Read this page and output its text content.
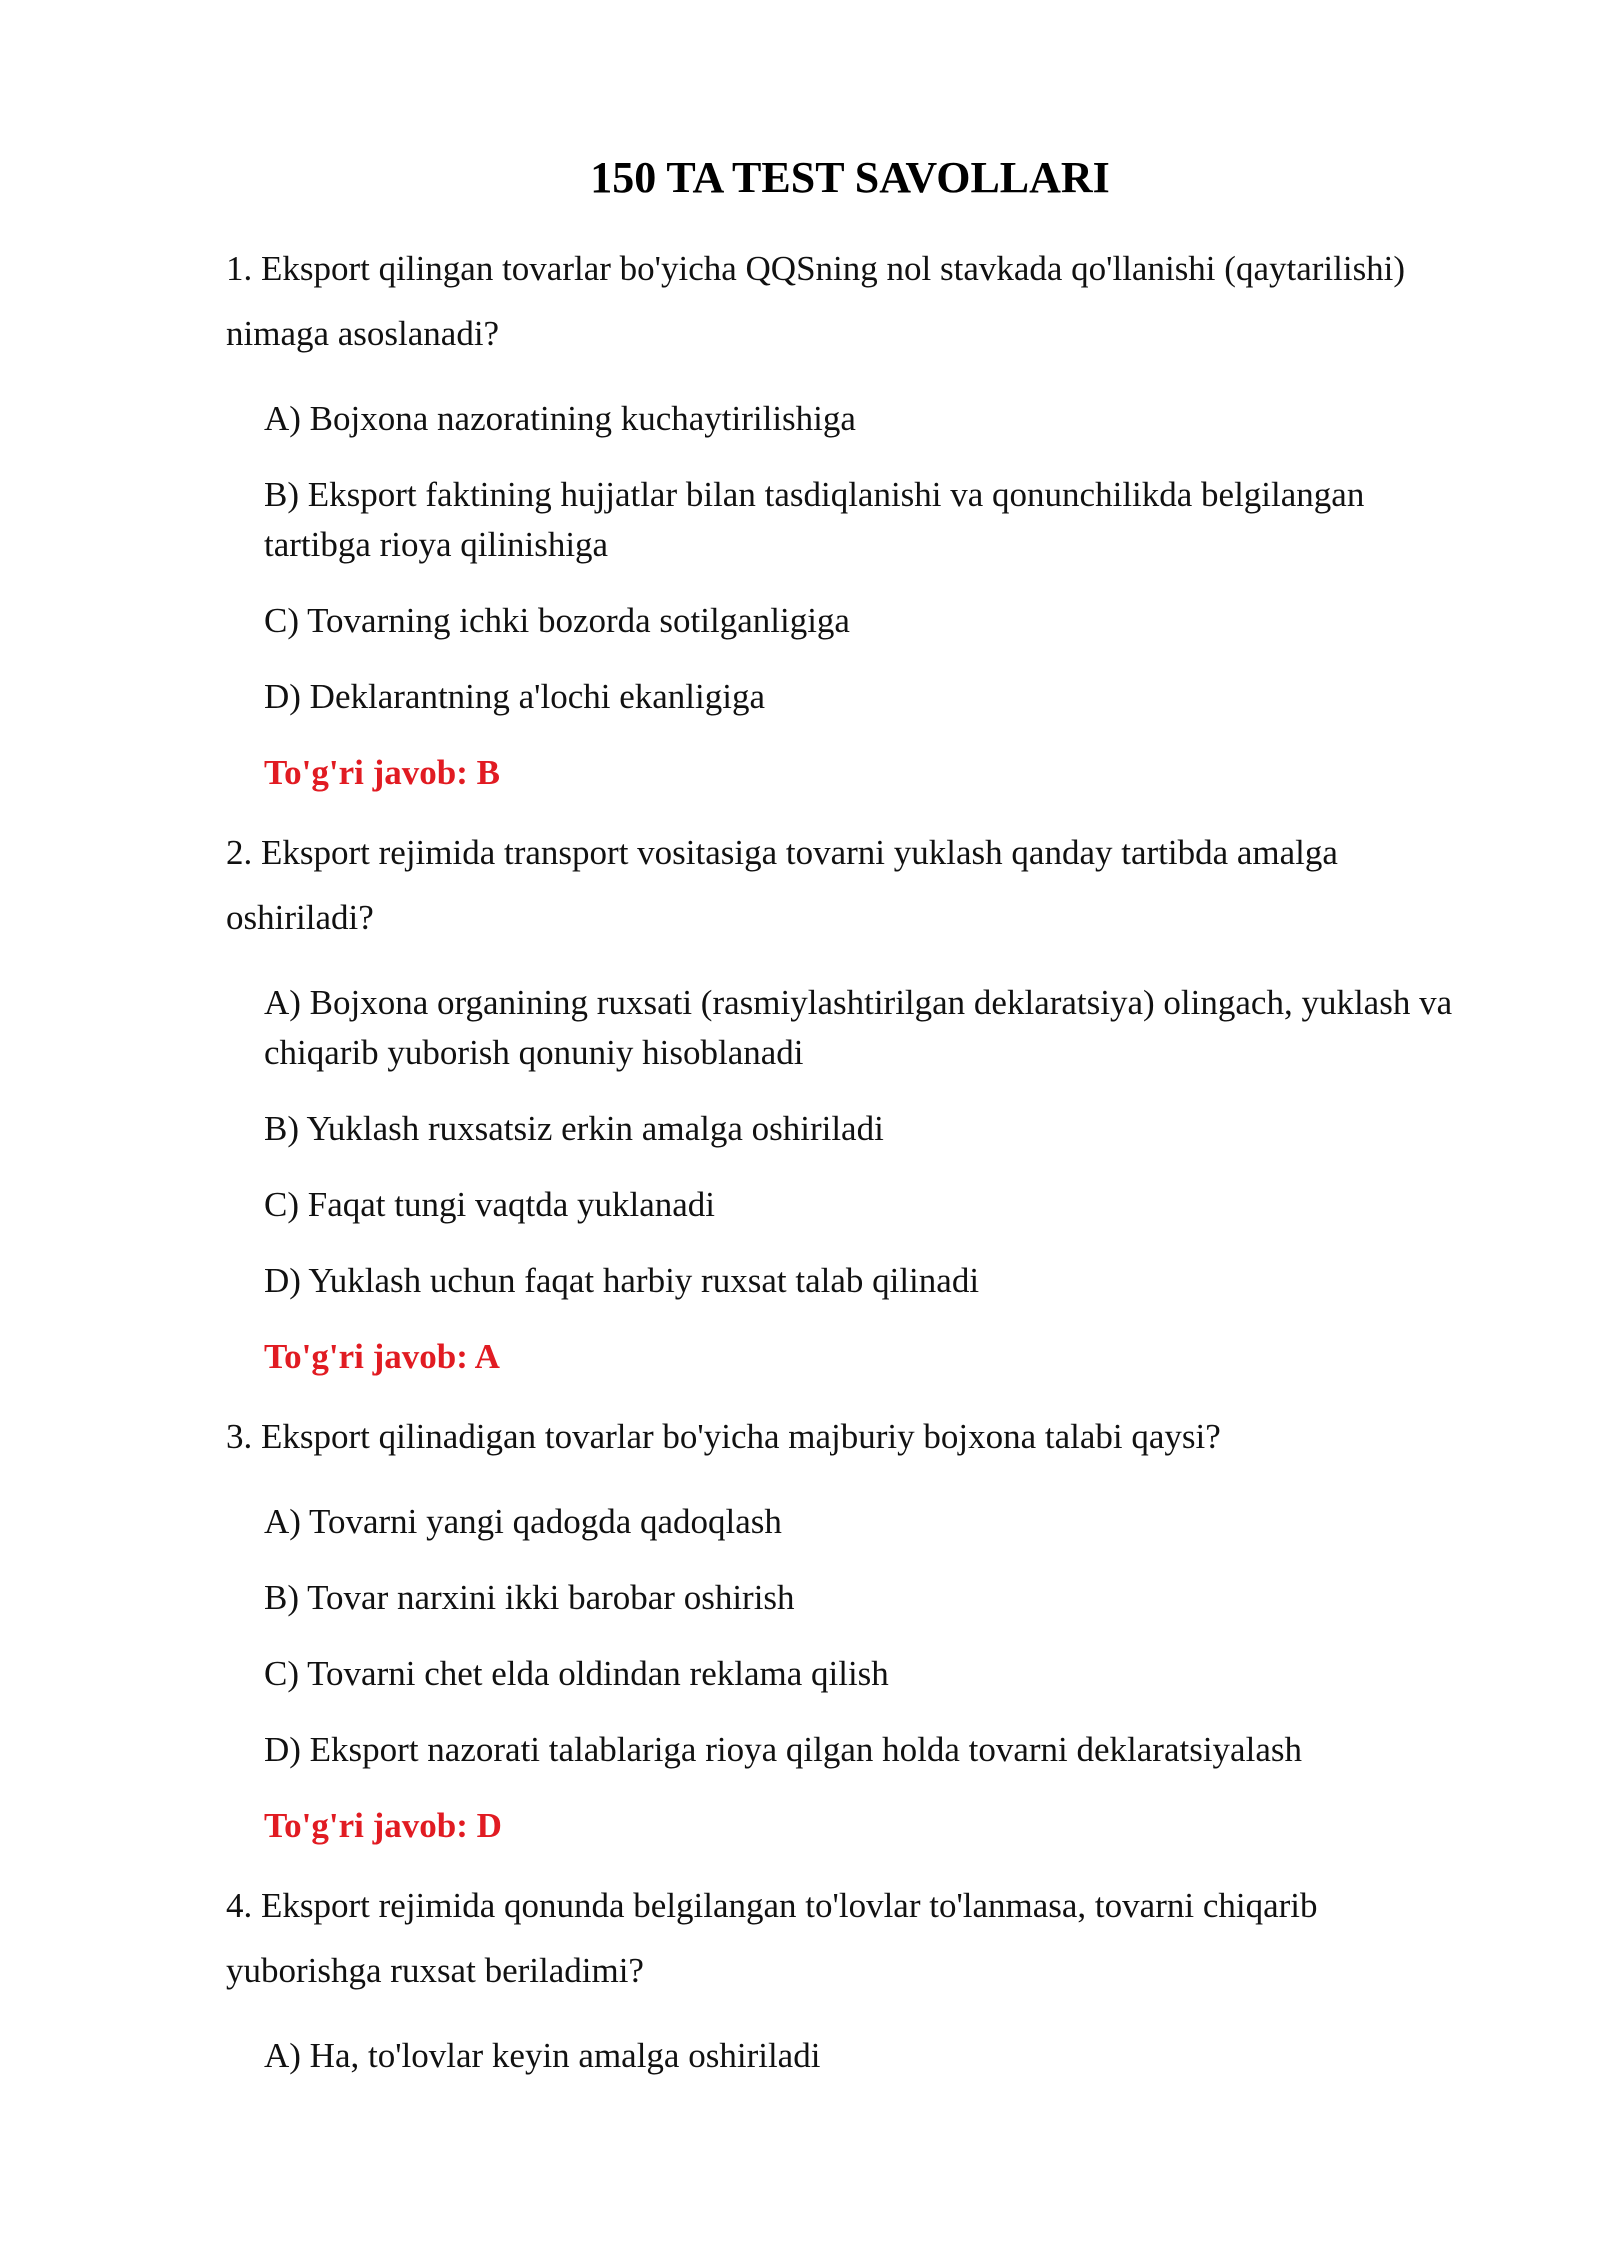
150 TA TEST SAVOLLARI

1. Eksport qilingan tovarlar bo'yicha QQSning nol stavkada qo'llanishi (qaytarilishi) nimaga asoslanadi?

A) Bojxona nazoratining kuchaytirilishiga

B) Eksport faktining hujjatlar bilan tasdiqlanishi va qonunchilikda belgilangan tartibga rioya qilinishiga

C) Tovarning ichki bozorda sotilganligiga

D) Deklarantning a'lochi ekanligiga

To'g'ri javob: B

2. Eksport rejimida transport vositasiga tovarni yuklash qanday tartibda amalga oshiriladi?

A) Bojxona organining ruxsati (rasmiylashtirilgan deklaratsiya) olingach, yuklash va chiqarib yuborish qonuniy hisoblanadi

B) Yuklash ruxsatsiz erkin amalga oshiriladi

C) Faqat tungi vaqtda yuklanadi

D) Yuklash uchun faqat harbiy ruxsat talab qilinadi

To'g'ri javob: A

3. Eksport qilinadigan tovarlar bo'yicha majburiy bojxona talabi qaysi?

A) Tovarni yangi qadogda qadoqlash

B) Tovar narxini ikki barobar oshirish

C) Tovarni chet elda oldindan reklama qilish

D) Eksport nazorati talablariga rioya qilgan holda tovarni deklaratsiyalash

To'g'ri javob: D

4. Eksport rejimida qonunda belgilangan to'lovlar to'lanmasa, tovarni chiqarib yuborishga ruxsat beriladimi?

A) Ha, to'lovlar keyin amalga oshiriladi
